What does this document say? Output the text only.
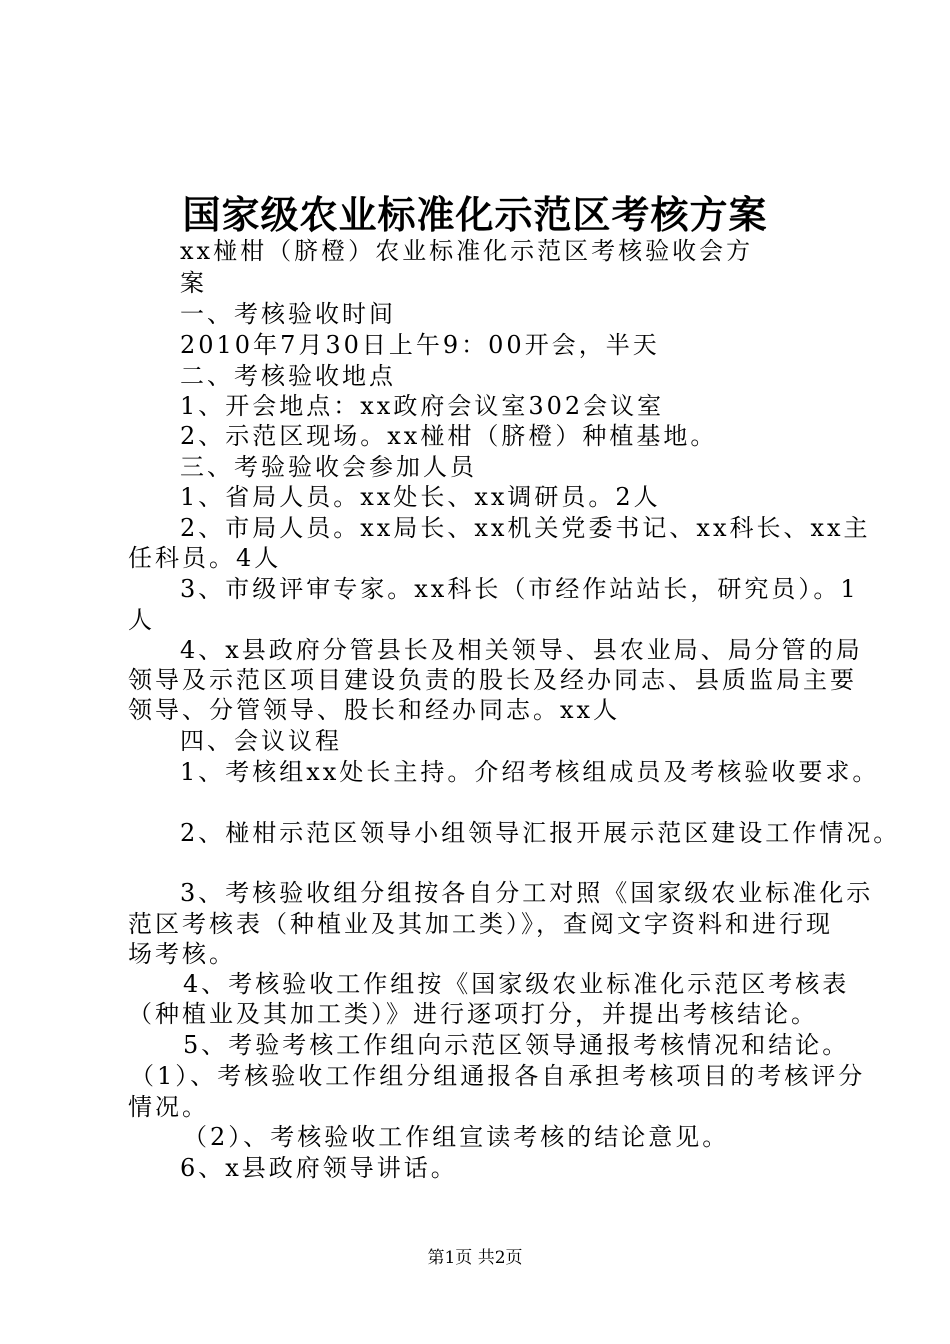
国家级农业标准化示范区考核方案
xx椪柑（脐橙）农业标准化示范区考核验收会方
案
一、考核验收时间
2010年7月30日上午9：00开会，半天
二、考核验收地点
1、开会地点：xx政府会议室302会议室
2、示范区现场。xx椪柑（脐橙）种植基地。
三、考验验收会参加人员
1、省局人员。xx处长、xx调研员。2人
2、市局人员。xx局长、xx机关党委书记、xx科长、xx主
任科员。4人
3、市级评审专家。xx科长（市经作站站长，研究员）。1
人
4、x县政府分管县长及相关领导、县农业局、局分管的局
领导及示范区项目建设负责的股长及经办同志、县质监局主要
领导、分管领导、股长和经办同志。xx人
四、会议议程
1、考核组xx处长主持。介绍考核组成员及考核验收要求。
2、椪柑示范区领导小组领导汇报开展示范区建设工作情况。
3、考核验收组分组按各自分工对照《国家级农业标准化示
范区考核表（种植业及其加工类）》，查阅文字资料和进行现
场考核。
4、考核验收工作组按《国家级农业标准化示范区考核表
（种植业及其加工类）》进行逐项打分，并提出考核结论。
5、考验考核工作组向示范区领导通报考核情况和结论。
（1）、考核验收工作组分组通报各自承担考核项目的考核评分
情况。
（2）、考核验收工作组宣读考核的结论意见。
6、x县政府领导讲话。
第1页 共2页
